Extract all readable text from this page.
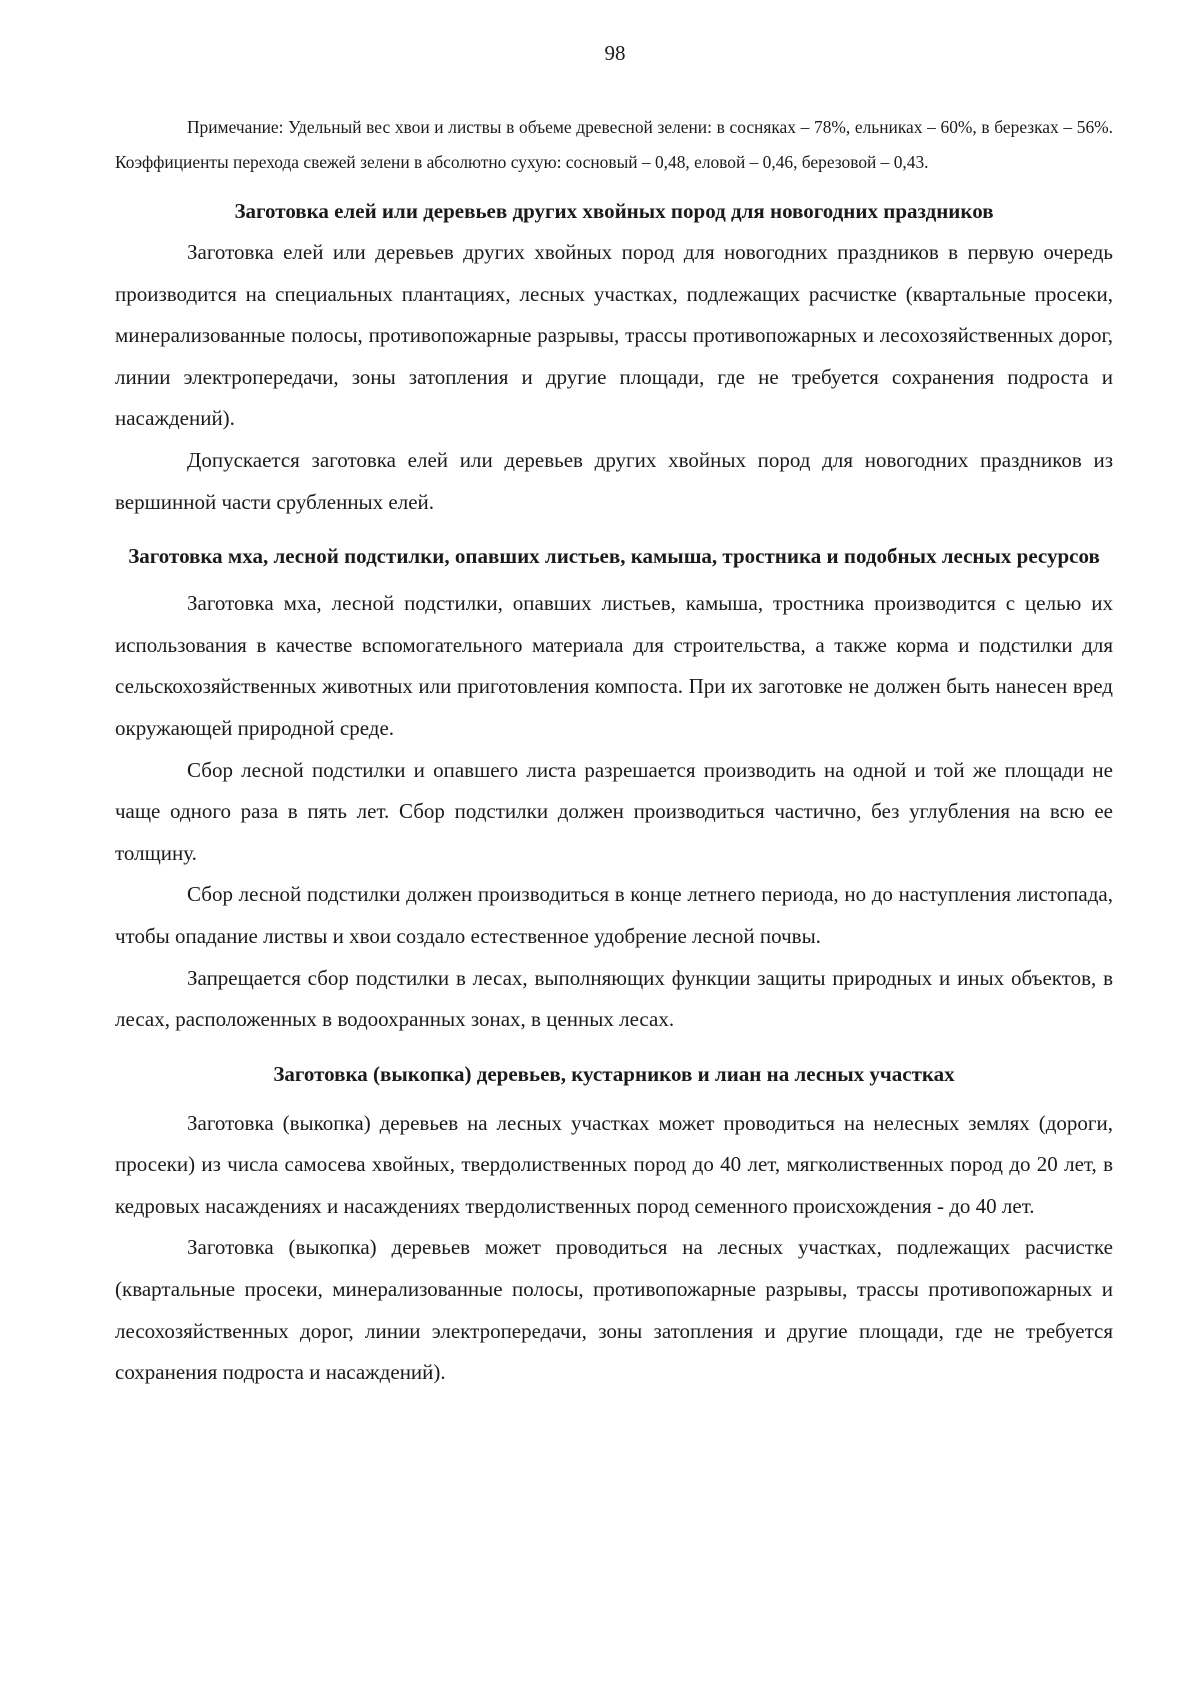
98

Примечание: Удельный вес хвои и листвы в объеме древесной зелени: в сосняках – 78%, ельниках – 60%, в березках – 56%. Коэффициенты перехода свежей зелени в абсолютно сухую: сосновый – 0,48, еловой – 0,46, березовой – 0,43.

Заготовка елей или деревьев других хвойных пород для новогодних праздников

Заготовка елей или деревьев других хвойных пород для новогодних праздников в первую очередь производится на специальных плантациях, лесных участках, подлежащих расчистке (квартальные просеки, минерализованные полосы, противопожарные разрывы, трассы противопожарных и лесохозяйственных дорог, линии электропередачи, зоны затопления и другие площади, где не требуется сохранения подроста и насаждений).

Допускается заготовка елей или деревьев других хвойных пород для новогодних праздников из вершинной части срубленных елей.

Заготовка мха, лесной подстилки, опавших листьев, камыша, тростника и подобных лесных ресурсов

Заготовка мха, лесной подстилки, опавших листьев, камыша, тростника производится с целью их использования в качестве вспомогательного материала для строительства, а также корма и подстилки для сельскохозяйственных животных или приготовления компоста. При их заготовке не должен быть нанесен вред окружающей природной среде.

Сбор лесной подстилки и опавшего листа разрешается производить на одной и той же площади не чаще одного раза в пять лет. Сбор подстилки должен производиться частично, без углубления на всю ее толщину.

Сбор лесной подстилки должен производиться в конце летнего периода, но до наступления листопада, чтобы опадание листвы и хвои создало естественное удобрение лесной почвы.

Запрещается сбор подстилки в лесах, выполняющих функции защиты природных и иных объектов, в лесах, расположенных в водоохранных зонах, в ценных лесах.

Заготовка (выкопка) деревьев, кустарников и лиан на лесных участках

Заготовка (выкопка) деревьев на лесных участках может проводиться на нелесных землях (дороги, просеки) из числа самосева хвойных, твердолиственных пород до 40 лет, мягколиственных пород до 20 лет, в кедровых насаждениях и насаждениях твердолиственных пород семенного происхождения - до 40 лет.

Заготовка (выкопка) деревьев может проводиться на лесных участках, подлежащих расчистке (квартальные просеки, минерализованные полосы, противопожарные разрывы, трассы противопожарных и лесохозяйственных дорог, линии электропередачи, зоны затопления и другие площади, где не требуется сохранения подроста и насаждений).
